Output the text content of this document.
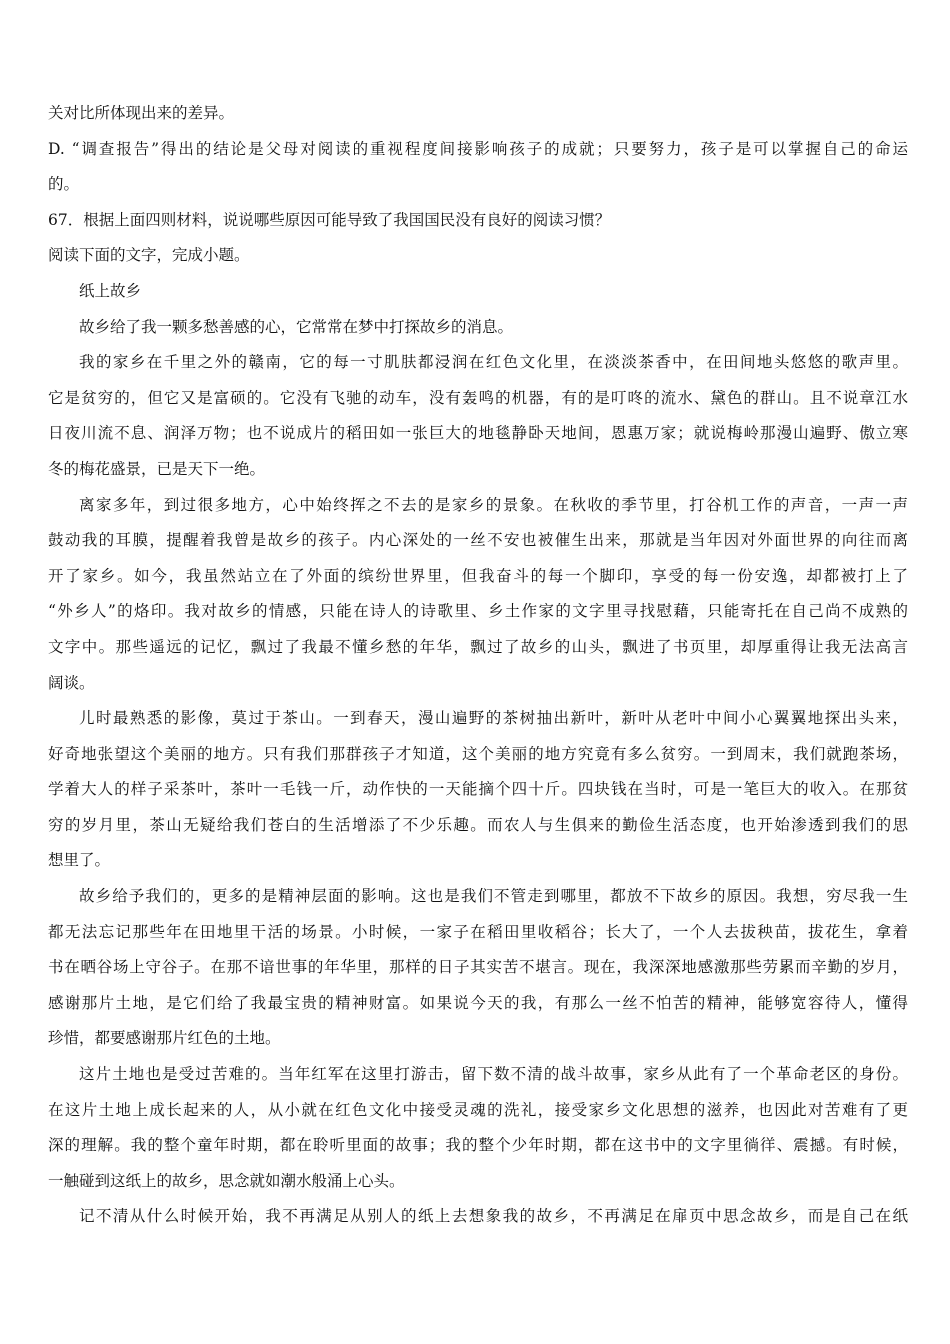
关对比所体现出来的差异。
D. “调查报告”得出的结论是父母对阅读的重视程度间接影响孩子的成就；只要努力，孩子是可以掌握自己的命运
的。
67．根据上面四则材料，说说哪些原因可能导致了我国国民没有良好的阅读习惯？
阅读下面的文字，完成小题。
纸上故乡
故乡给了我一颗多愁善感的心，它常常在梦中打探故乡的消息。
我的家乡在千里之外的赣南，它的每一寸肌肤都浸润在红色文化里，在淡淡茶香中，在田间地头悠悠的歌声里。
它是贫穷的，但它又是富硕的。它没有飞驰的动车，没有轰鸣的机器，有的是叮咚的流水、黛色的群山。且不说章江水
日夜川流不息、润泽万物；也不说成片的稻田如一张巨大的地毯静卧天地间，恩惠万家；就说梅岭那漫山遍野、傲立寒
冬的梅花盛景，已是天下一绝。
离家多年，到过很多地方，心中始终挥之不去的是家乡的景象。在秋收的季节里，打谷机工作的声音，一声一声
鼓动我的耳膜，提醒着我曾是故乡的孩子。内心深处的一丝不安也被催生出来，那就是当年因对外面世界的向往而离
开了家乡。如今，我虽然站立在了外面的缤纷世界里，但我奋斗的每一个脚印，享受的每一份安逸，却都被打上了
“外乡人”的烙印。我对故乡的情感，只能在诗人的诗歌里、乡土作家的文字里寻找慰藉，只能寄托在自己尚不成熟的
文字中。那些遥远的记忆，飘过了我最不懂乡愁的年华，飘过了故乡的山头，飘进了书页里，却厚重得让我无法高言
阔谈。
儿时最熟悉的影像，莫过于茶山。一到春天，漫山遍野的茶树抽出新叶，新叶从老叶中间小心翼翼地探出头来，
好奇地张望这个美丽的地方。只有我们那群孩子才知道，这个美丽的地方究竟有多么贫穷。一到周末，我们就跑茶场，
学着大人的样子采茶叶，茶叶一毛钱一斤，动作快的一天能摘个四十斤。四块钱在当时，可是一笔巨大的收入。在那贫
穷的岁月里，茶山无疑给我们苍白的生活增添了不少乐趣。而农人与生俱来的勤俭生活态度，也开始渗透到我们的思
想里了。
故乡给予我们的，更多的是精神层面的影响。这也是我们不管走到哪里，都放不下故乡的原因。我想，穷尽我一生
都无法忘记那些年在田地里干活的场景。小时候，一家子在稻田里收稻谷；长大了，一个人去拔秧苗，拔花生，拿着
书在晒谷场上守谷子。在那不谙世事的年华里，那样的日子其实苦不堪言。现在，我深深地感激那些劳累而辛勤的岁月，
感谢那片土地，是它们给了我最宝贵的精神财富。如果说今天的我，有那么一丝不怕苦的精神，能够宽容待人，懂得
珍惜，都要感谢那片红色的土地。
这片土地也是受过苦难的。当年红军在这里打游击，留下数不清的战斗故事，家乡从此有了一个革命老区的身份。
在这片土地上成长起来的人，从小就在红色文化中接受灵魂的洗礼，接受家乡文化思想的滋养，也因此对苦难有了更
深的理解。我的整个童年时期，都在聆听里面的故事；我的整个少年时期，都在这书中的文字里徜徉、震撼。有时候，
一触碰到这纸上的故乡，思念就如潮水般涌上心头。
记不清从什么时候开始，我不再满足从别人的纸上去想象我的故乡，不再满足在扉页中思念故乡，而是自己在纸
